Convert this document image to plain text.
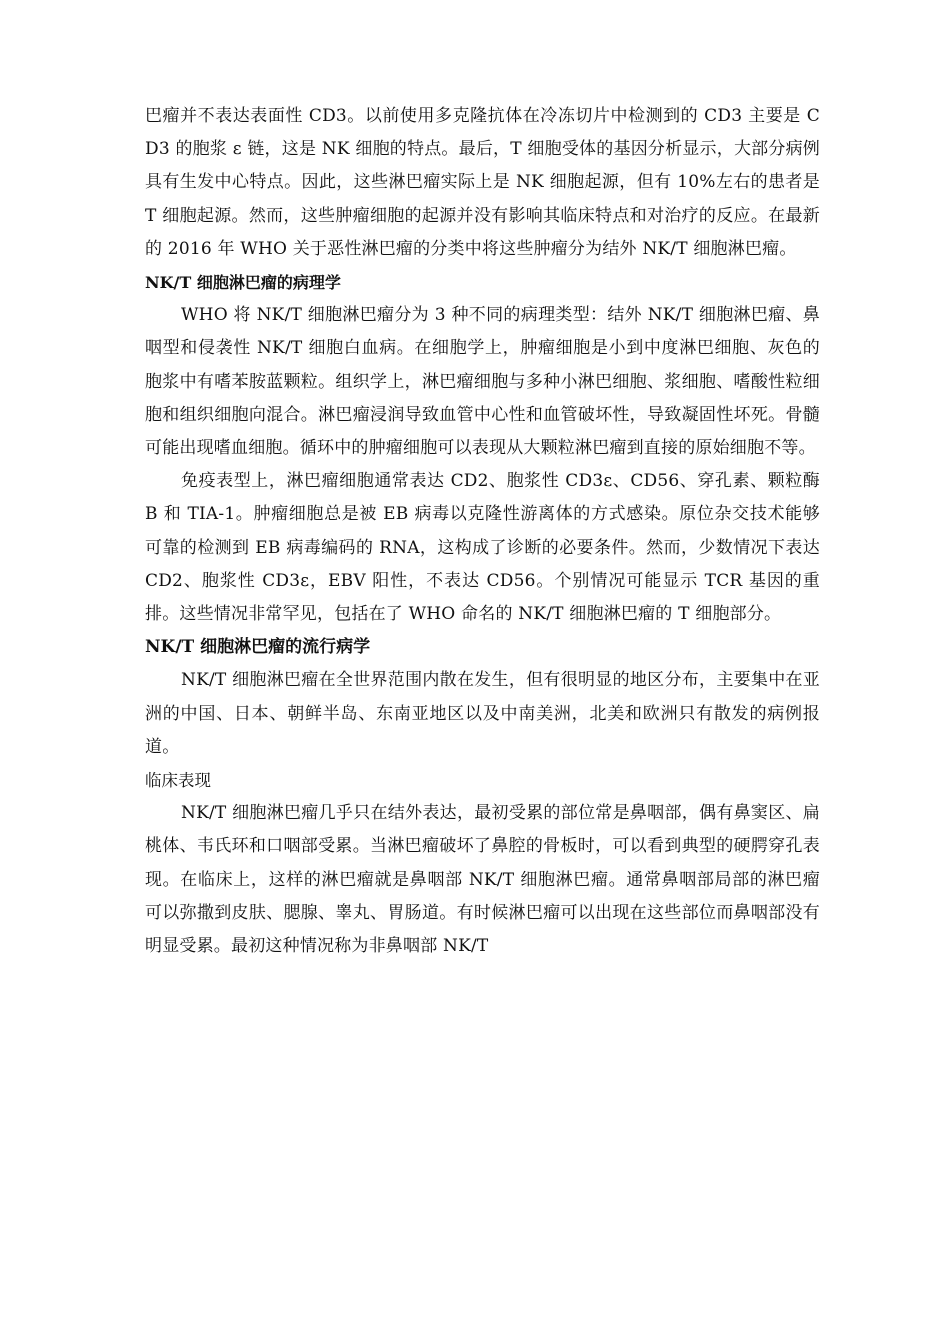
巴瘤并不表达表面性 CD3。以前使用多克隆抗体在冷冻切片中检测到的 CD3 主要是 CD3 的胞浆 ε 链，这是 NK 细胞的特点。最后，T 细胞受体的基因分析显示，大部分病例具有生发中心特点。因此，这些淋巴瘤实际上是 NK 细胞起源，但有 10%左右的患者是 T 细胞起源。然而，这些肿瘤细胞的起源并没有影响其临床特点和对治疗的反应。在最新的 2016 年 WHO 关于恶性淋巴瘤的分类中将这些肿瘤分为结外 NK/T 细胞淋巴瘤。

NK/T 细胞淋巴瘤的病理学

WHO 将 NK/T 细胞淋巴瘤分为 3 种不同的病理类型：结外 NK/T 细胞淋巴瘤、鼻咽型和侵袭性 NK/T 细胞白血病。在细胞学上，肿瘤细胞是小到中度淋巴细胞、灰色的胞浆中有嗜苯胺蓝颗粒。组织学上，淋巴瘤细胞与多种小淋巴细胞、浆细胞、嗜酸性粒细胞和组织细胞向混合。淋巴瘤浸润导致血管中心性和血管破坏性，导致凝固性坏死。骨髓可能出现嗜血细胞。循环中的肿瘤细胞可以表现从大颗粒淋巴瘤到直接的原始细胞不等。

免疫表型上，淋巴瘤细胞通常表达 CD2、胞浆性 CD3ε、CD56、穿孔素、颗粒酶 B 和 TIA-1。肿瘤细胞总是被 EB 病毒以克隆性游离体的方式感染。原位杂交技术能够可靠的检测到 EB 病毒编码的 RNA，这构成了诊断的必要条件。然而，少数情况下表达 CD2、胞浆性 CD3ε，EBV 阳性，不表达 CD56。个别情况可能显示 TCR 基因的重排。这些情况非常罕见，包括在了 WHO 命名的 NK/T 细胞淋巴瘤的 T 细胞部分。

NK/T 细胞淋巴瘤的流行病学

NK/T 细胞淋巴瘤在全世界范围内散在发生，但有很明显的地区分布，主要集中在亚洲的中国、日本、朝鲜半岛、东南亚地区以及中南美洲，北美和欧洲只有散发的病例报道。

临床表现

NK/T 细胞淋巴瘤几乎只在结外表达，最初受累的部位常是鼻咽部，偶有鼻窦区、扁桃体、韦氏环和口咽部受累。当淋巴瘤破坏了鼻腔的骨板时，可以看到典型的硬腭穿孔表现。在临床上，这样的淋巴瘤就是鼻咽部 NK/T 细胞淋巴瘤。通常鼻咽部局部的淋巴瘤可以弥撒到皮肤、腮腺、睾丸、胃肠道。有时候淋巴瘤可以出现在这些部位而鼻咽部没有明显受累。最初这种情况称为非鼻咽部 NK/T
